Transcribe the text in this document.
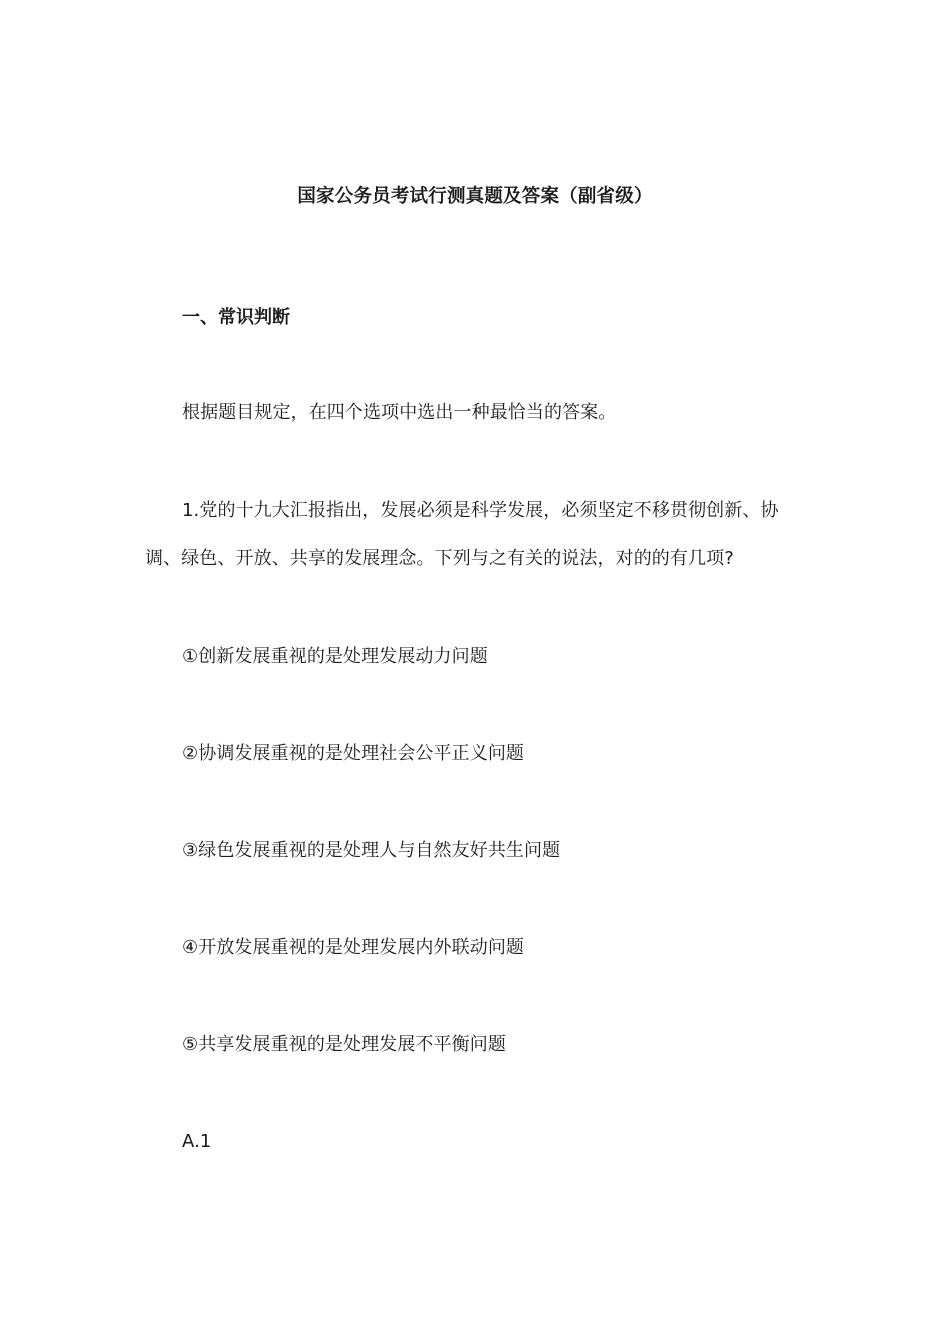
国家公务员考试行测真题及答案（副省级）
一、常识判断
根据题目规定，在四个选项中选出一种最恰当的答案。
1.党的十九大汇报指出，发展必须是科学发展，必须坚定不移贯彻创新、协调、绿色、开放、共享的发展理念。下列与之有关的说法，对的的有几项?
①创新发展重视的是处理发展动力问题
②协调发展重视的是处理社会公平正义问题
③绿色发展重视的是处理人与自然友好共生问题
④开放发展重视的是处理发展内外联动问题
⑤共享发展重视的是处理发展不平衡问题
A.1
